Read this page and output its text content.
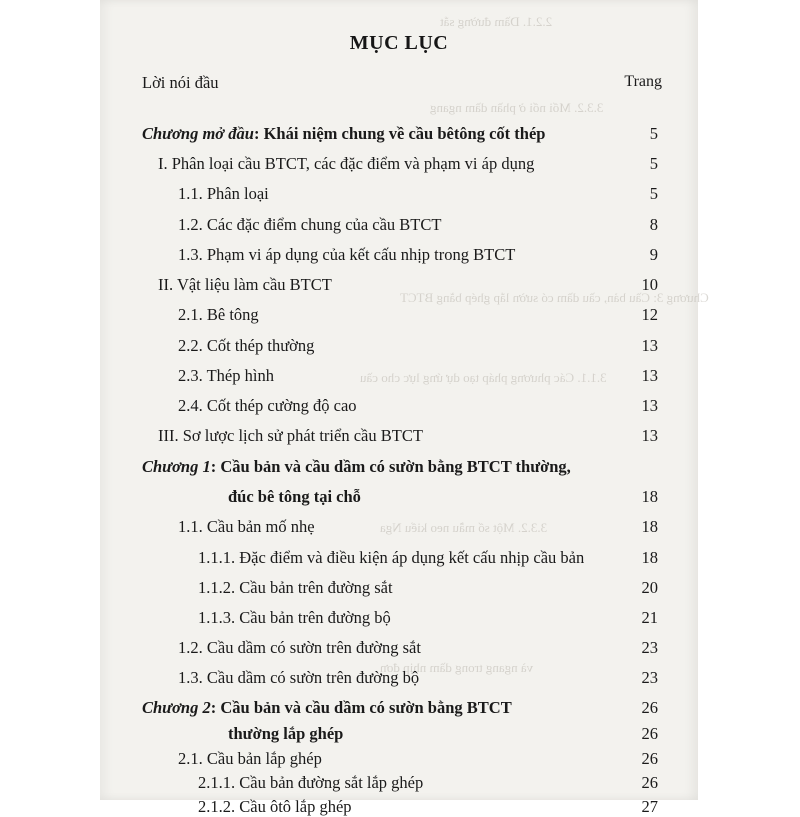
2.2.1. Dầm đường sắt
3.3.2. Mối nối ở phần dầm ngang
Chương 3: Cầu bản, cầu dầm có sườn lắp ghép bằng BTCT
3.1.1. Các phương pháp tạo dự ứng lực cho cầu
3.3.2. Một số mẫu neo kiểu Nga
và ngang trong dầm nhịp đơn
MỤC LỤC
Lời nói đầu	Trang
Chương mở đầu: Khái niệm chung về cầu bêtông cốt thép	5
I. Phân loại cầu BTCT, các đặc điểm và phạm vi áp dụng	5
1.1. Phân loại	5
1.2. Các đặc điểm chung của cầu BTCT	8
1.3. Phạm vi áp dụng của kết cấu nhịp trong BTCT	9
II. Vật liệu làm cầu BTCT	10
2.1. Bê tông	12
2.2. Cốt thép thường	13
2.3. Thép hình	13
2.4. Cốt thép cường độ cao	13
III. Sơ lược lịch sử phát triển cầu BTCT	13
Chương 1: Cầu bản và cầu dầm có sườn bằng BTCT thường,
đúc bê tông tại chỗ	18
1.1. Cầu bản mố nhẹ	18
1.1.1. Đặc điểm và điều kiện áp dụng kết cấu nhịp cầu bản	18
1.1.2. Cầu bản trên đường sắt	20
1.1.3. Cầu bản trên đường bộ	21
1.2. Cầu dầm có sườn trên đường sắt	23
1.3. Cầu dầm có sườn trên đường bộ	23
Chương 2: Cầu bản và cầu dầm có sườn bằng BTCT	26
thường lắp ghép	26
2.1. Cầu bản lắp ghép	26
2.1.1. Cầu bản đường sắt lắp ghép	26
2.1.2. Cầu ôtô lắp ghép	27
